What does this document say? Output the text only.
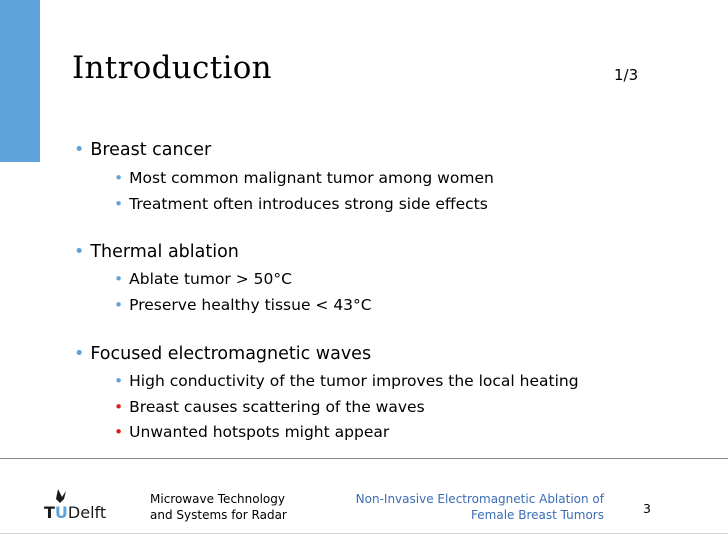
Introduction	1/3
• Breast cancer
• Most common malignant tumor among women
• Treatment often introduces strong side effects
• Thermal ablation
• Ablate tumor > 50°C
• Preserve healthy tissue < 43°C
• Focused electromagnetic waves
• High conductivity of the tumor improves the local heating
• Breast causes scattering of the waves
• Unwanted hotspots might appear
TUDelft
Microwave Technology
and Systems for Radar
Non-Invasive Electromagnetic Ablation of
Female Breast Tumors	3
